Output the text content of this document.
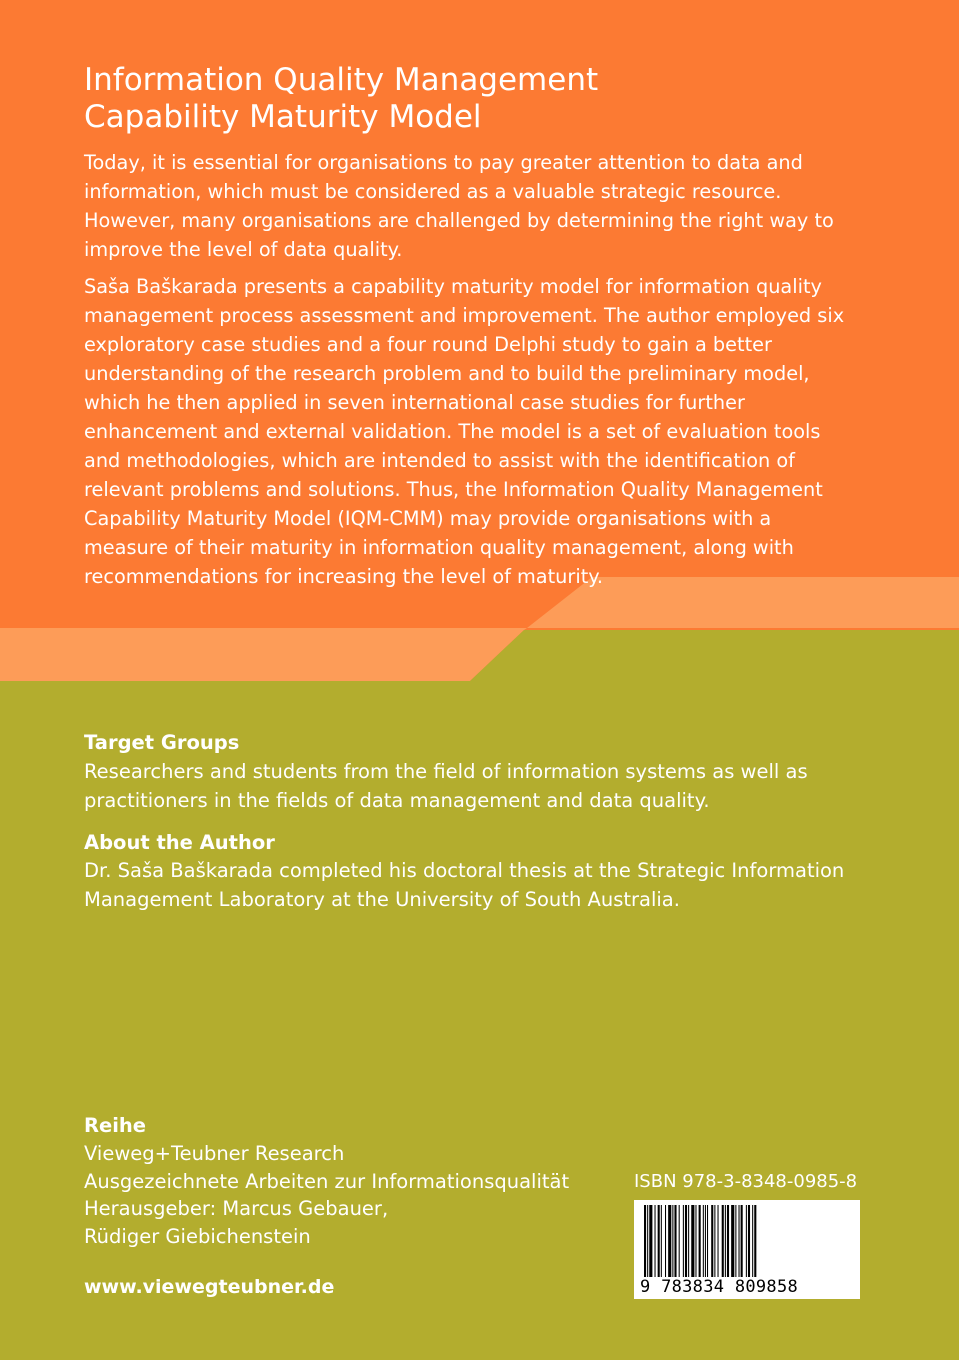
Information Quality Management
Capability Maturity Model

Today, it is essential for organisations to pay greater attention to data and information, which must be considered as a valuable strategic resource. However, many organisations are challenged by determining the right way to improve the level of data quality.

Saša Baškarada presents a capability maturity model for information quality management process assessment and improvement. The author employed six exploratory case studies and a four round Delphi study to gain a better understanding of the research problem and to build the preliminary model, which he then applied in seven international case studies for further enhancement and external validation. The model is a set of evaluation tools and methodologies, which are intended to assist with the identification of relevant problems and solutions. Thus, the Information Quality Management Capability Maturity Model (IQM-CMM) may provide organisations with a measure of their maturity in information quality management, along with recommendations for increasing the level of maturity.

Target Groups

Researchers and students from the field of information systems as well as
practitioners in the fields of data management and data quality.

About the Author

Dr. Saša Baškarada completed his doctoral thesis at the Strategic Information
Management Laboratory at the University of South Australia.

Reihe

Vieweg+Teubner Research
Ausgezeichnete Arbeiten zur Informationsqualität
Herausgeber: Marcus Gebauer,
Rüdiger Giebichenstein

www.viewegteubner.de

ISBN 978-3-8348-0985-8

9 783834 809858
